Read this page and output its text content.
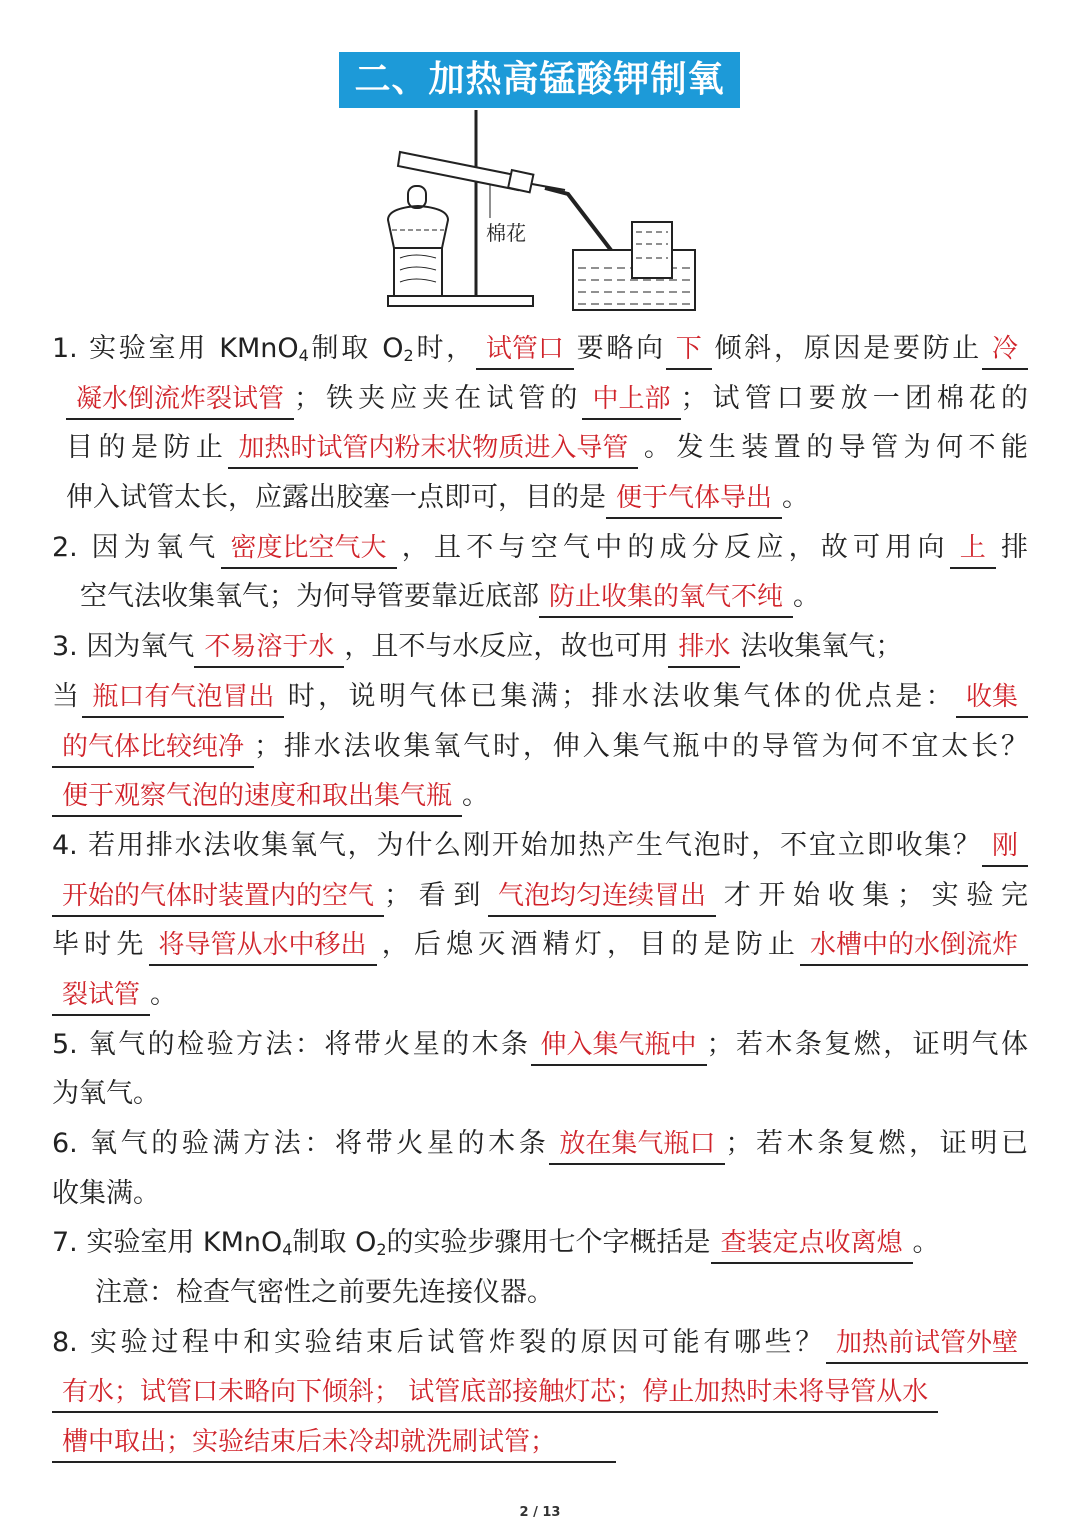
二、加热高锰酸钾制氧气
棉花
1. 实验室用 KMnO$_4$制取 $O_2$时， 试管口 要略向 下 倾斜，原因是要防止 冷
凝水倒流炸裂试管 ；铁夹应夹在试管的 中上部 ；试管口要放一团棉花的
目的是防止 加热时试管内粉末状物质进入导管 。发生装置的导管为何不能
伸入试管太长，应露出胶塞一点即可，目的是 便于气体导出 。
2. 因为氧气 密度比空气大 ，且不与空气中的成分反应，故可用向 上 排
空气法收集氧气；为何导管要靠近底部 防止收集的氧气不纯 。
3. 因为氧气 不易溶于水 ，且不与水反应，故也可用 排水 法收集氧气；
当 瓶口有气泡冒出 时，说明气体已集满；排水法收集气体的优点是： 收集
的气体比较纯净 ；排水法收集氧气时，伸入集气瓶中的导管为何不宜太长？
便于观察气泡的速度和取出集气瓶 。
4. 若用排水法收集氧气，为什么刚开始加热产生气泡时，不宜立即收集？ 刚
开始的气体时装置内的空气 ；看到 气泡均匀连续冒出 才开始收集；实验完
毕时先 将导管从水中移出 ，后熄灭酒精灯，目的是防止 水槽中的水倒流炸
裂试管 。
5. 氧气的检验方法：将带火星的木条 伸入集气瓶中 ；若木条复燃，证明气体
为氧气。
6. 氧气的验满方法：将带火星的木条 放在集气瓶口 ；若木条复燃，证明已
收集满。
7. 实验室用 KMnO$_4$制取 $O_2$的实验步骤用七个字概括是 查装定点收离熄 。
注意：检查气密性之前要先连接仪器。
8. 实验过程中和实验结束后试管炸裂的原因可能有哪些？ 加热前试管外壁
有水；试管口未略向下倾斜； 试管底部接触灯芯；停止加热时未将导管从水
槽中取出；实验结束后未冷却就洗刷试管；
2 / 13
